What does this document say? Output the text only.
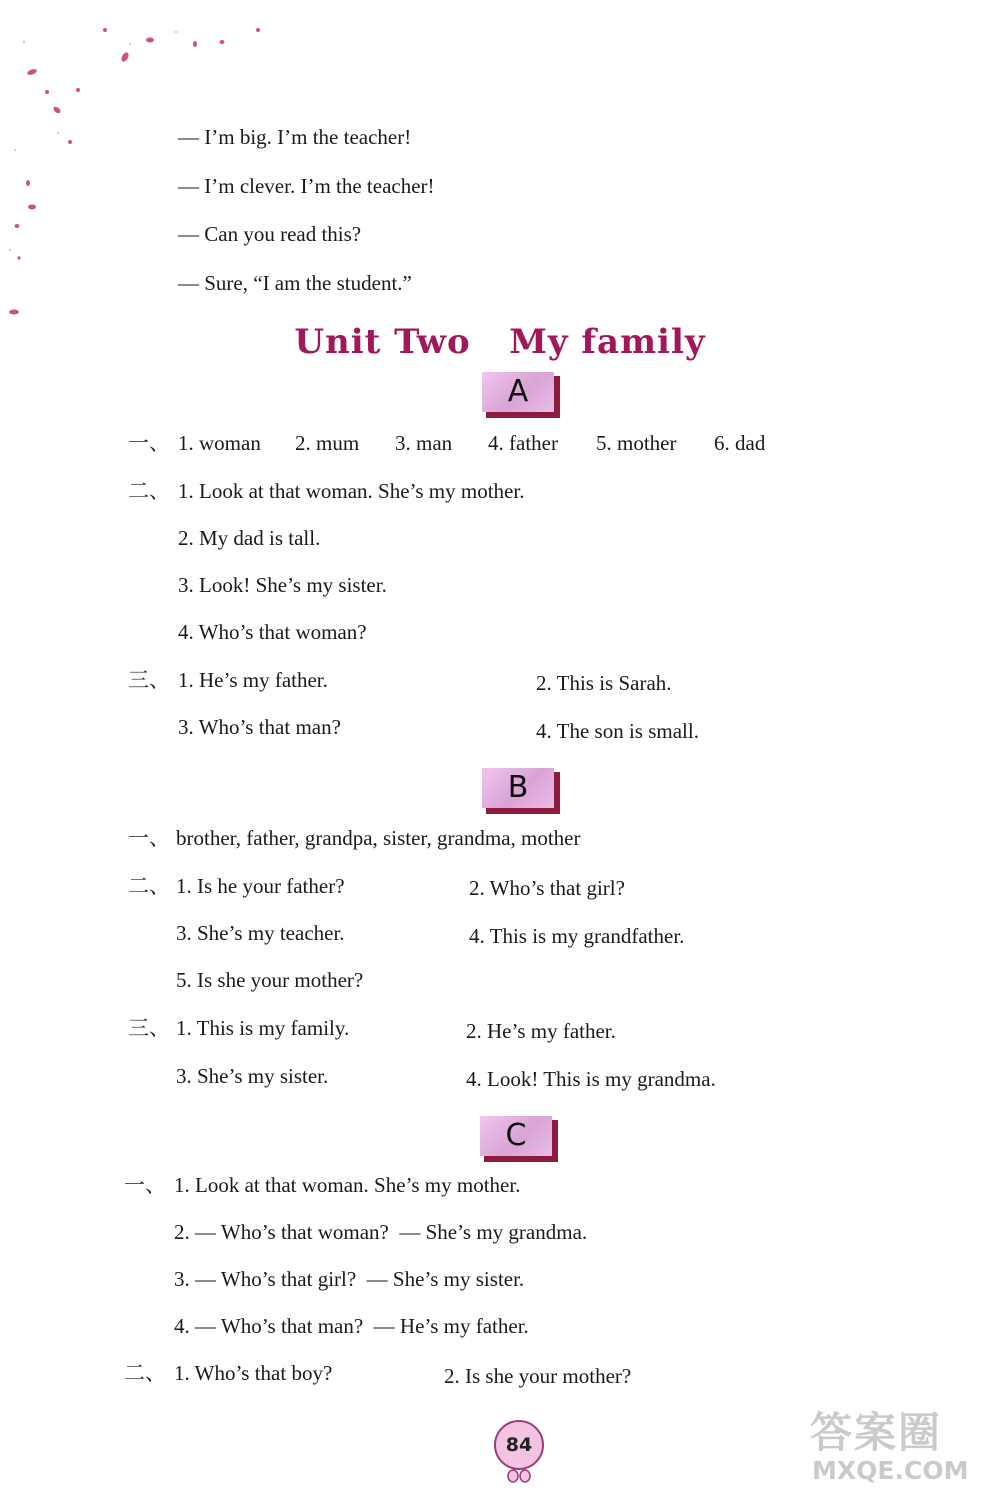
— I’m big. I’m the teacher!
— I’m clever. I’m the teacher!
— Can you read this?
— Sure, “I am the student.”
Unit Two   My family
A
一、 1. woman 2. mum 3. man 4. father 5. mother 6. dad
二、 1. Look at that woman. She’s my mother.
2. My dad is tall.
3. Look! She’s my sister.
4. Who’s that woman?
三、 1. He’s my father.	2. This is Sarah.
3. Who’s that man?	4. The son is small.
B
一、 brother, father, grandpa, sister, grandma, mother
二、 1. Is he your father?	2. Who’s that girl?
3. She’s my teacher.	4. This is my grandfather.
5. Is she your mother?
三、 1. This is my family.	2. He’s my father.
3. She’s my sister.	4. Look! This is my grandma.
C
一、 1. Look at that woman. She’s my mother.
2. — Who’s that woman?  — She’s my grandma.
3. — Who’s that girl?  — She’s my sister.
4. — Who’s that man?  — He’s my father.
二、 1. Who’s that boy?	2. Is she your mother?
84	答案圈
MXQE.COM
